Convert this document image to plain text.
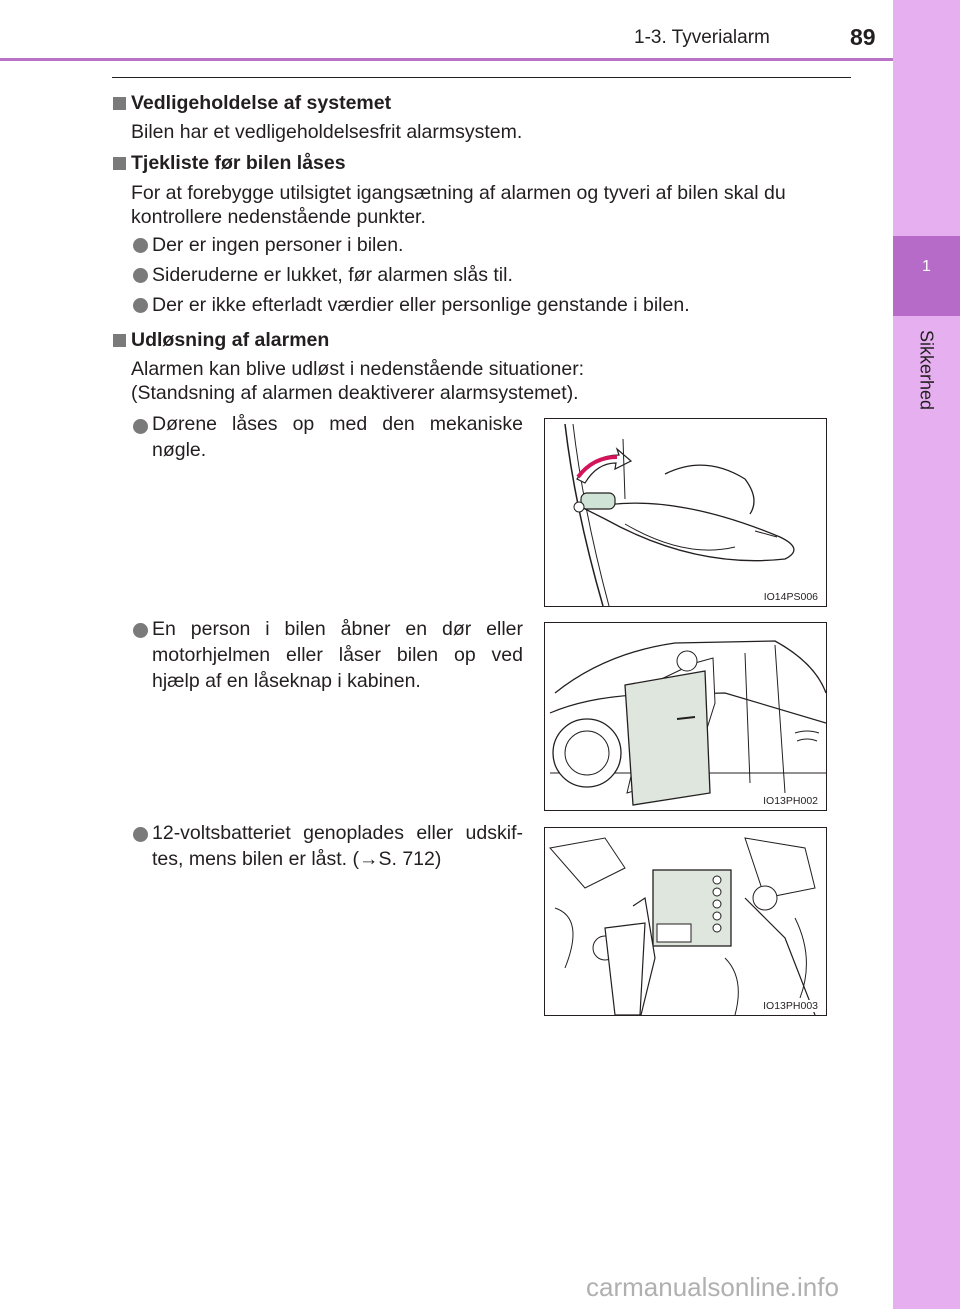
1-3. Tyverialarm	89
1
Sikkerhed
Vedligeholdelse af systemet
Bilen har et vedligeholdelsesfrit alarmsystem.
Tjekliste før bilen låses
For at forebygge utilsigtet igangsætning af alarmen og tyveri af bilen skal du
kontrollere nedenstående punkter.
Der er ingen personer i bilen.
Sideruderne er lukket, før alarmen slås til.
Der er ikke efterladt værdier eller personlige genstande i bilen.
Udløsning af alarmen
Alarmen kan blive udløst i nedenstående situationer:
(Standsning af alarmen deaktiverer alarmsystemet).
Dørene låses op med den mekaniske nøgle.
IO14PS006
En person i bilen åbner en dør eller motorhjelmen eller låser bilen op ved hjælp af en låseknap i kabinen.
IO13PH002
12-voltsbatteriet genoplades eller udskif-tes, mens bilen er låst. (→S. 712)
IO13PH003
carmanualsonline.info
